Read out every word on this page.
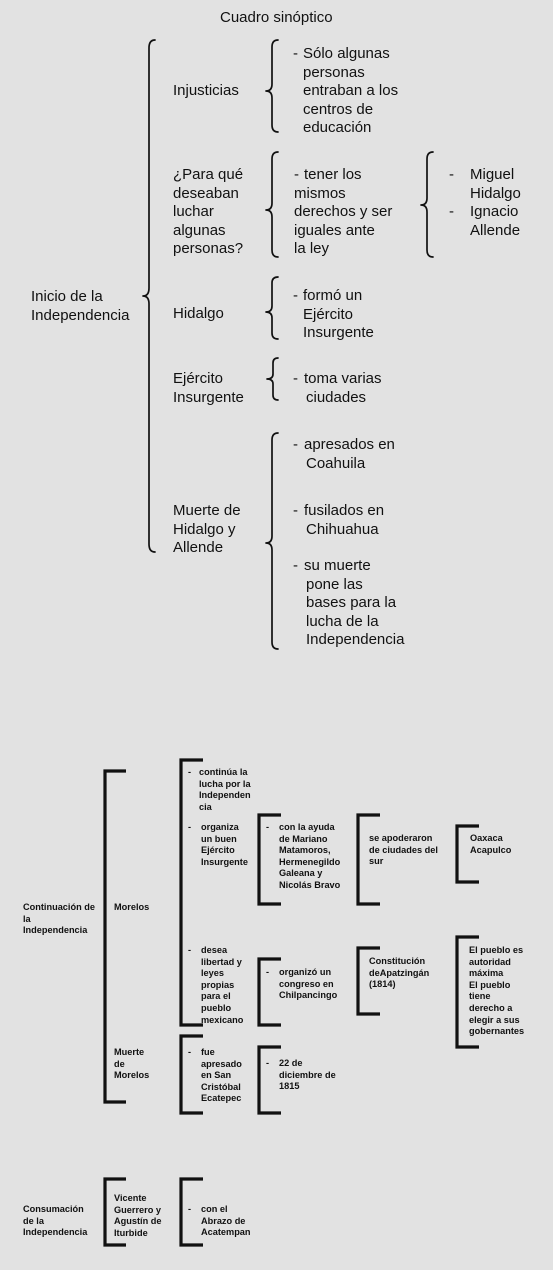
Cuadro sinóptico
Inicio de la
Independencia
Injusticias
- Sólo algunas
personas
entraban a los
centros de
educación
¿Para qué
deseaban
luchar
algunas
personas?
- tener los
mismos
derechos y ser
iguales ante
la ley
- Miguel
Hidalgo
- Ignacio
Allende
Hidalgo
- formó un
Ejército
Insurgente
Ejército
Insurgente
- toma varias
ciudades
Muerte de
Hidalgo y
Allende
- apresados en
Coahuila
- fusilados en
Chihuahua
- su muerte
pone las
bases para la
lucha de la
Independencia
Continuación de
la
Independencia
Morelos
- continúa la
lucha por la
Independen
cia
- organiza
un buen
Ejército
Insurgente
- desea
libertad y
leyes
propias
para el
pueblo
mexicano
- con la ayuda
de Mariano
Matamoros,
Hermenegildo
Galeana y
Nicolás Bravo
se apoderaron
de ciudades del
sur
Oaxaca
Acapulco
- organizó un
congreso en
Chilpancingo
Constitución
deApatzingán
(1814)
El pueblo es
autoridad
máxima
El pueblo
tiene
derecho a
elegir a sus
gobernantes
Muerte
de
Morelos
- fue
apresado
en San
Cristóbal
Ecatepec
- 22 de
diciembre de
1815
Consumación
de la
Independencia
Vicente
Guerrero y
Agustín de
Iturbide
- con el
Abrazo de
Acatempan
